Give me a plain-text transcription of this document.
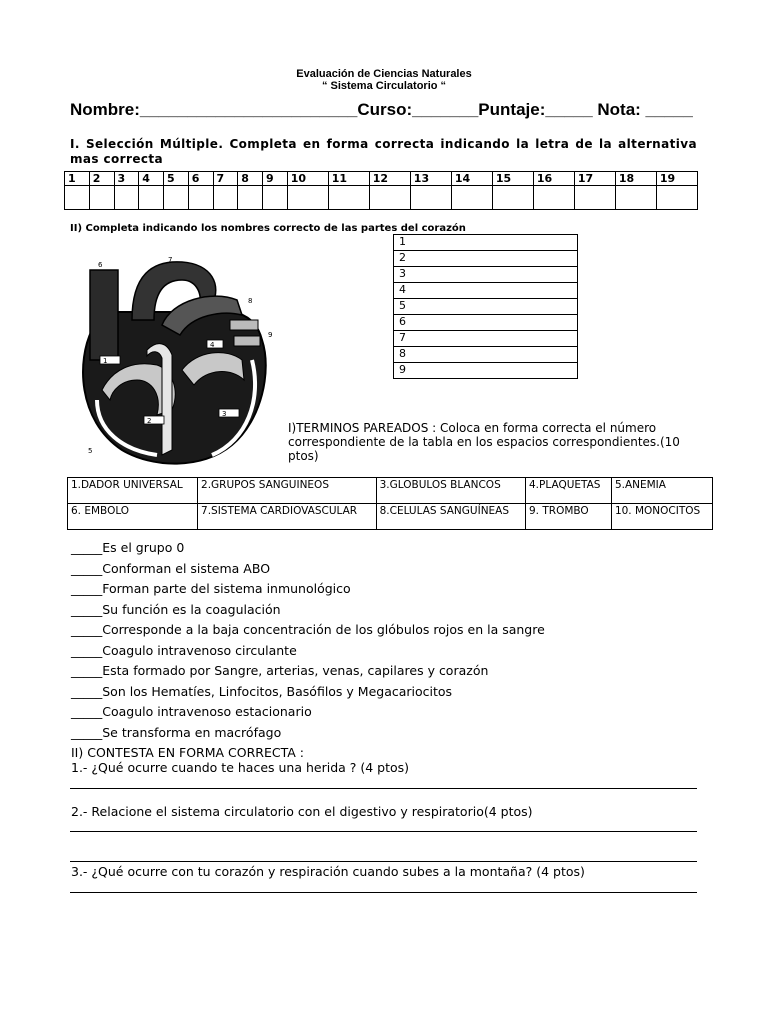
Evaluación de Ciencias Naturales
“ Sistema Circulatorio “
Nombre:_______________________Curso:_______Puntaje:_____ Nota: _____
I. Selección Múltiple. Completa en forma correcta indicando la letra de la alternativa mas correcta
1	2	3	4	5	6	7	8	9	10	11	12	13	14	15	16	17	18	19

II) Completa indicando los nombres correcto de las partes del corazón
1
2
3
4
5
6
7
8
9
6
7
8
9
1
4
2
3
5
I)TERMINOS PAREADOS : Coloca en forma correcta el número correspondiente de la tabla en los espacios correspondientes.(10 ptos)
1.DADOR UNIVERSAL	2.GRUPOS SANGUINEOS	3.GLOBULOS BLANCOS	4.PLAQUETAS	5.ANEMIA
6. EMBOLO	7.SISTEMA CARDIOVASCULAR	8.CELULAS SANGUÍNEAS	9. TROMBO	10. MONOCITOS
_____Es el grupo 0
_____Conforman el sistema ABO
_____Forman parte del sistema inmunológico
_____Su función es la coagulación
_____Corresponde a la baja concentración de los glóbulos rojos en la sangre
_____Coagulo intravenoso circulante
_____Esta formado por Sangre, arterias, venas, capilares y corazón
_____Son los Hematíes, Linfocitos, Basófilos y Megacariocitos
_____Coagulo intravenoso estacionario
_____Se transforma en macrófago
II) CONTESTA EN FORMA CORRECTA :
1.- ¿Qué ocurre cuando te haces una herida ? (4 ptos)
2.- Relacione el sistema circulatorio con el digestivo y respiratorio(4 ptos)
3.- ¿Qué ocurre con tu corazón y respiración cuando subes a la montaña? (4 ptos)
